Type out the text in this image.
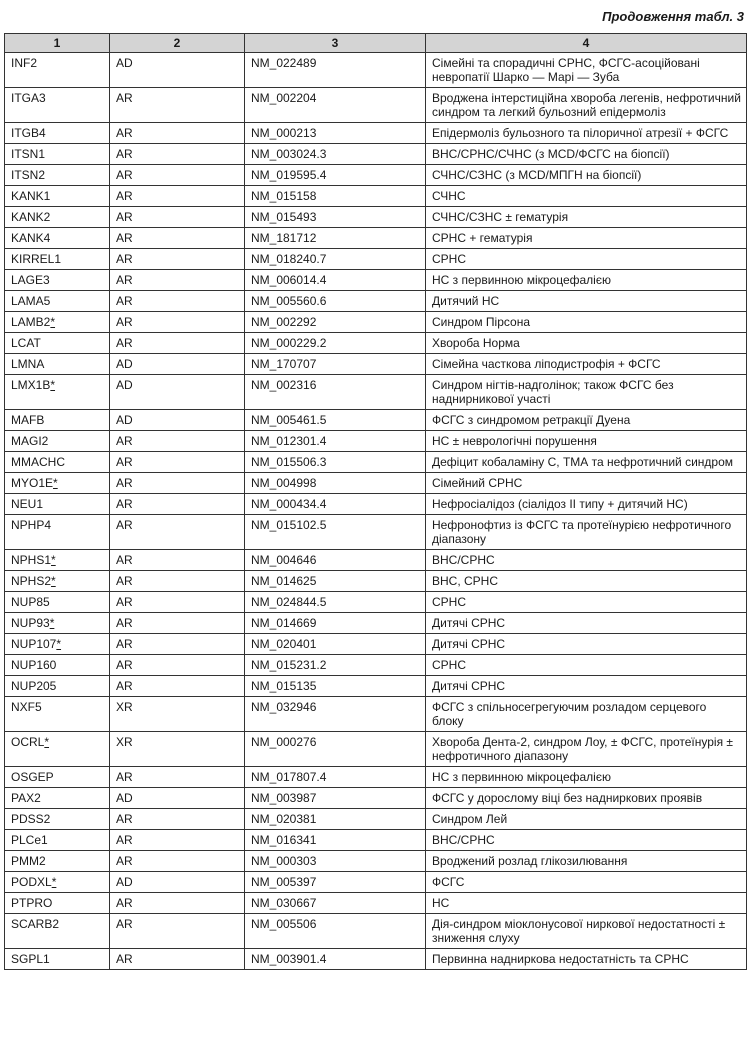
Продовження табл. 3
1	2	3	4
INF2	AD	NM_022489	Сімейні та спорадичні СРНС, ФСГС-асоційовані невропатії Шарко — Марі — Зуба
ITGA3	AR	NM_002204	Вроджена інтерстиційна хвороба легенів, нефротичний синдром та легкий бульозний епідермоліз
ITGB4	AR	NM_000213	Епідермоліз бульозного та пілоричної атрезії + ФСГС
ITSN1	AR	NM_003024.3	ВНС/СРНС/СЧНС (з MCD/ФСГС на біопсії)
ITSN2	AR	NM_019595.4	СЧНС/СЗНС (з MCD/МПГН на біопсії)
KANK1	AR	NM_015158	СЧНС
KANK2	AR	NM_015493	СЧНС/СЗНС ± гематурія
KANK4	AR	NM_181712	СРНС + гематурія
KIRREL1	AR	NM_018240.7	СРНС
LAGE3	AR	NM_006014.4	НС з первинною мікроцефалією
LAMA5	AR	NM_005560.6	Дитячий НС
LAMB2*	AR	NM_002292	Синдром Пірсона
LCAT	AR	NM_000229.2	Хвороба Норма
LMNA	AD	NM_170707	Сімейна часткова ліподистрофія + ФСГС
LMX1B*	AD	NM_002316	Синдром нігтів-надголінок; також ФСГС без наднирникової участі
MAFB	AD	NM_005461.5	ФСГС з синдромом ретракції Дуена
MAGI2	AR	NM_012301.4	НС ± неврологічні порушення
MMACHC	AR	NM_015506.3	Дефіцит кобаламіну С, ТМА та нефротичний синдром
MYO1E*	AR	NM_004998	Сімейний СРНС
NEU1	AR	NM_000434.4	Нефросіалідоз (сіалідоз II типу + дитячий НС)
NPHP4	AR	NM_015102.5	Нефронофтиз із ФСГС та протеїнурією нефротичного діапазону
NPHS1*	AR	NM_004646	ВНС/СРНС
NPHS2*	AR	NM_014625	ВНС, СРНС
NUP85	AR	NM_024844.5	СРНС
NUP93*	AR	NM_014669	Дитячі СРНС
NUP107*	AR	NM_020401	Дитячі СРНС
NUP160	AR	NM_015231.2	СРНС
NUP205	AR	NM_015135	Дитячі СРНС
NXF5	XR	NM_032946	ФСГС з спільносегрегуючим розладом серцевого блоку
OCRL*	XR	NM_000276	Хвороба Дента-2, синдром Лоу, ± ФСГС, протеїнурія ± нефротичного діапазону
OSGEP	AR	NM_017807.4	НС з первинною мікроцефалією
PAX2	AD	NM_003987	ФСГС у дорослому віці без надниркових проявів
PDSS2	AR	NM_020381	Синдром Лей
PLCe1	AR	NM_016341	ВНС/СРНС
PMM2	AR	NM_000303	Вроджений розлад глікозилювання
PODXL*	AD	NM_005397	ФСГС
PTPRO	AR	NM_030667	НС
SCARB2	AR	NM_005506	Дія-синдром міоклонусової ниркової недостатності ± зниження слуху
SGPL1	AR	NM_003901.4	Первинна надниркова недостатність та СРНС
